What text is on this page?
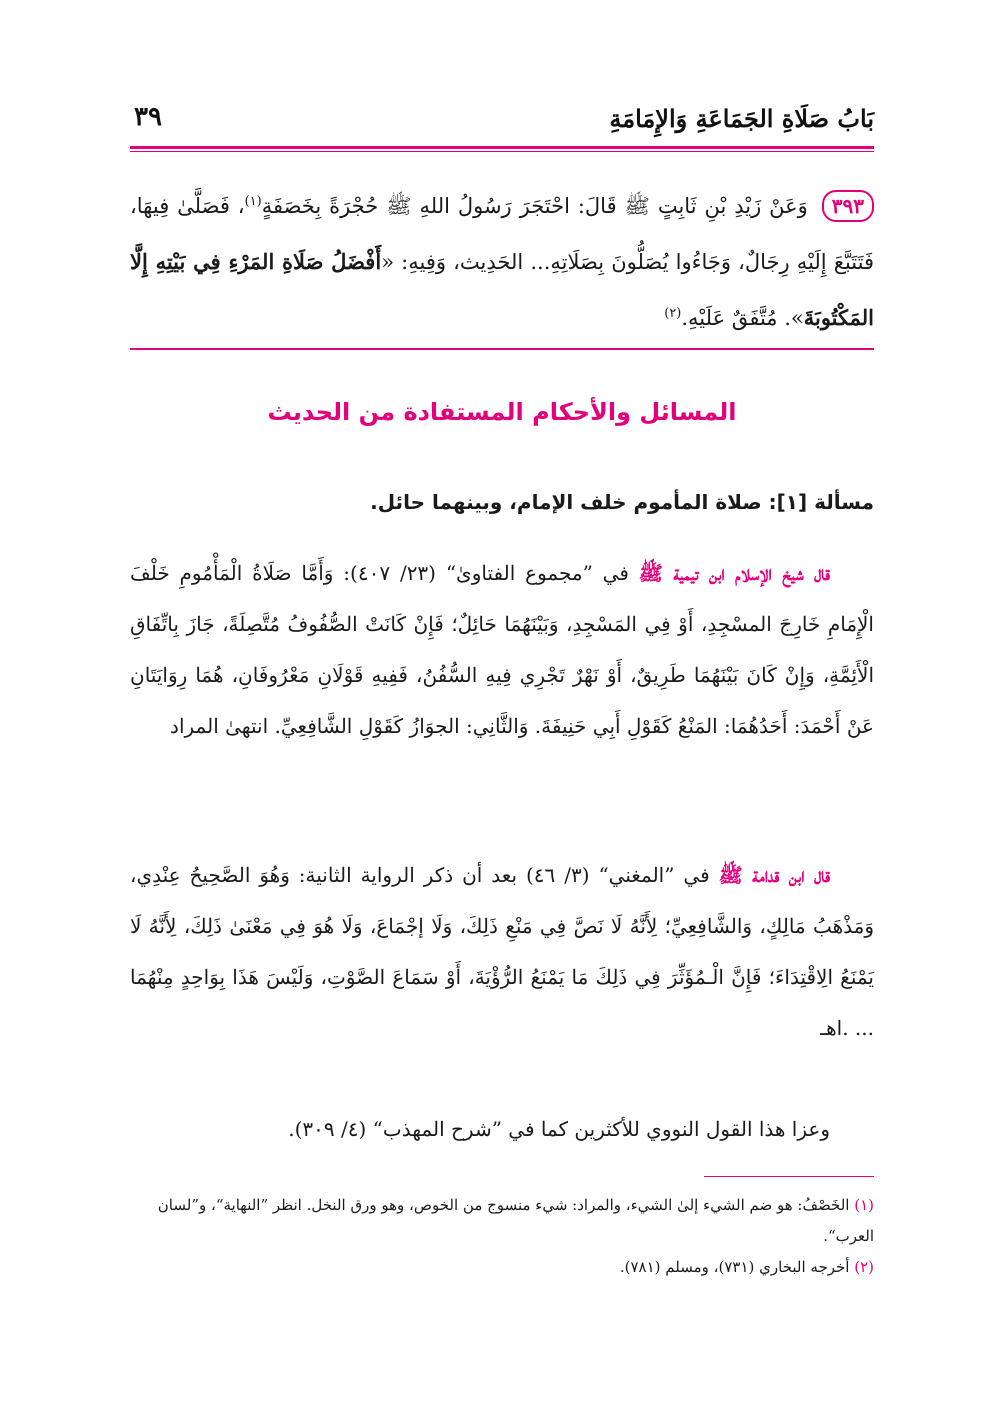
بَابُ صَلَاةِ الجَمَاعَةِ وَالإِمَامَةِ
٣٩
٣٩٣ وَعَنْ زَيْدِ بْنِ ثَابِتٍ ﷺ قَالَ: احْتَجَرَ رَسُولُ اللهِ ﷺ حُجْرَةً بِخَصَفَةٍ$^{(١)}$، فَصَلَّىٰ فِيهَا، فَتَتَبَّعَ إِلَيْهِ رِجَالٌ، وَجَاءُوا يُصَلُّونَ بِصَلَاتِهِ... الحَدِيث، وَفِيهِ: «أَفْضَلُ صَلَاةِ المَرْءِ فِي بَيْتِهِ إِلَّا المَكْتُوبَةَ». مُتَّفَقٌ عَلَيْهِ.$^{(٢)}$
المسائل والأحكام المستفادة من الحديث
مسألة [١]: صلاة المأموم خلف الإمام، وبينهما حائل.
قال شيخ الإسلام ابن تيمية ﷺ في ”مجموع الفتاوىٰ“ (٢٣/ ٤٠٧): وَأَمَّا صَلَاةُ الْمَأْمُومِ خَلْفَ الْإِمَامِ خَارِجَ المسْجِدِ، أَوْ فِي المَسْجِدِ، وَبَيْنَهُمَا حَائِلٌ؛ فَإِنْ كَانَتْ الصُّفُوفُ مُتَّصِلَةً، جَازَ بِاتِّفَاقِ الْأَئِمَّةِ، وَإِنْ كَانَ بَيْنَهُمَا طَرِيقٌ، أَوْ نَهْرٌ تَجْرِي فِيهِ السُّفُنُ، فَفِيهِ قَوْلَانِ مَعْرُوفَانِ، هُمَا رِوَايَتَانِ عَنْ أَحْمَدَ: أَحَدُهُمَا: المَنْعُ كَقَوْلِ أَبِي حَنِيفَةَ. وَالثَّانِي: الجوَازُ كَقَوْلِ الشَّافِعِيِّ. انتهىٰ المراد
قال ابن قدامة ﷺ في ”المغني“ (٣/ ٤٦) بعد أن ذكر الرواية الثانية: وَهُوَ الصَّحِيحُ عِنْدِي، وَمَذْهَبُ مَالِكٍ، وَالشَّافِعِيِّ؛ لِأَنَّهُ لَا نَصَّ فِي مَنْعِ ذَلِكَ، وَلَا إجْمَاعَ، وَلَا هُوَ فِي مَعْنَىٰ ذَلِكَ، لِأَنَّهُ لَا يَمْنَعُ الِاقْتِدَاءَ؛ فَإِنَّ الْـمُؤَثِّرَ فِي ذَلِكَ مَا يَمْنَعُ الرُّؤْيَةَ، أَوْ سَمَاعَ الصَّوْتِ، وَلَيْسَ هَذَا بِوَاحِدٍ مِنْهُمَا ... .اهـ
وعزا هذا القول النووي للأكثرين كما في ”شرح المهذب“ (٤/ ٣٠٩).
(١) الخَصْفُ: هو ضم الشيء إلىٰ الشيء، والمراد: شيء منسوج من الخوص، وهو ورق النخل. انظر ”النهاية“، و”لسان العرب“.
(٢) أخرجه البخاري (٧٣١)، ومسلم (٧٨١).
